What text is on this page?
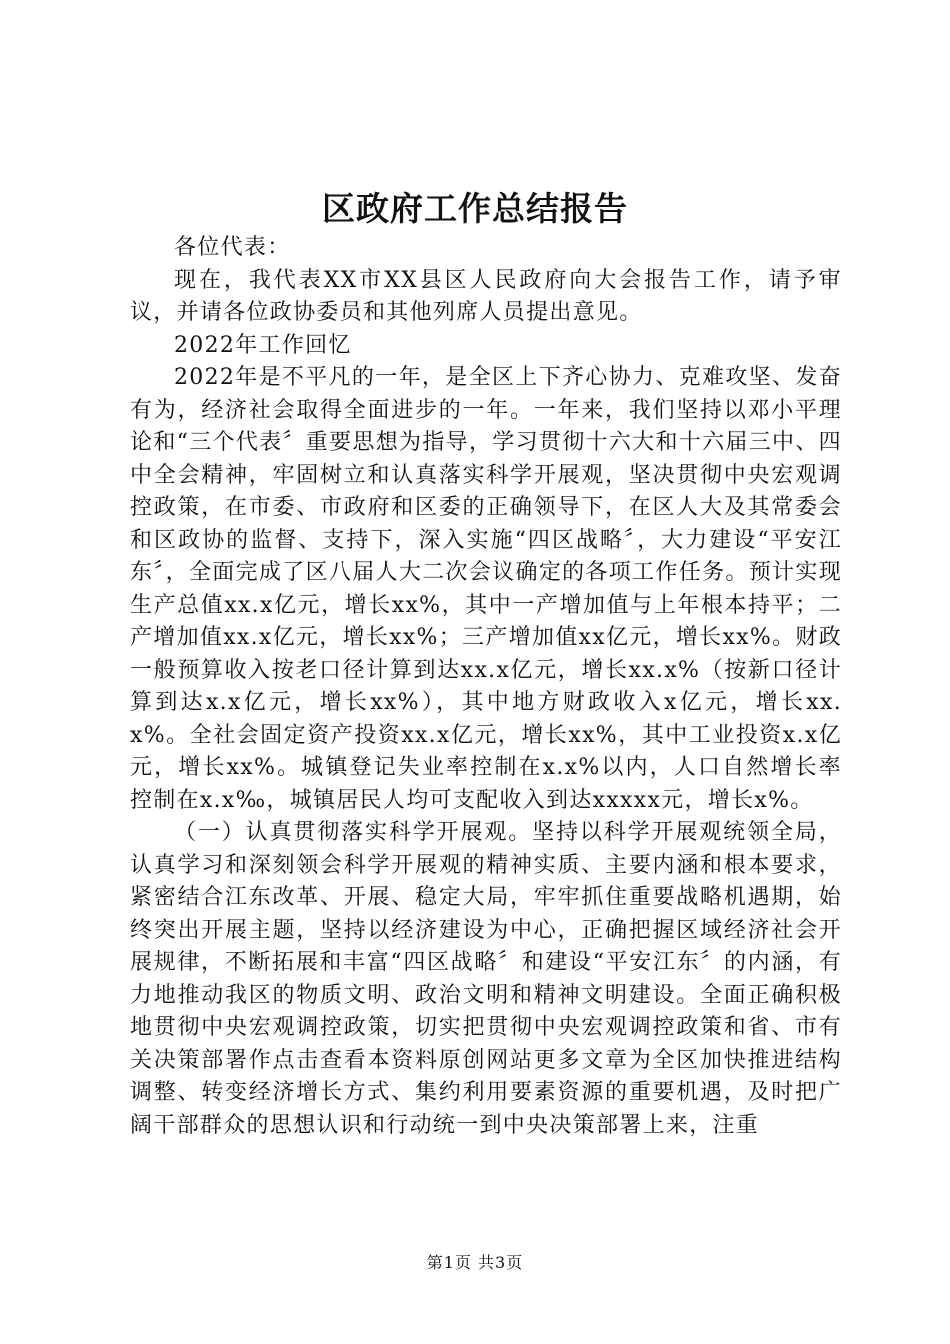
区政府工作总结报告

各位代表：

现在，我代表XX市XX县区人民政府向大会报告工作，请予审议，并请各位政协委员和其他列席人员提出意见。

2022年工作回忆

2022年是不平凡的一年，是全区上下齐心协力、克难攻坚、发奋有为，经济社会取得全面进步的一年。一年来，我们坚持以邓小平理论和“三个代表〞重要思想为指导，学习贯彻十六大和十六届三中、四中全会精神，牢固树立和认真落实科学开展观，坚决贯彻中央宏观调控政策，在市委、市政府和区委的正确领导下，在区人大及其常委会和区政协的监督、支持下，深入实施“四区战略〞，大力建设“平安江东〞，全面完成了区八届人大二次会议确定的各项工作任务。预计实现生产总值xx.x亿元，增长xx%，其中一产增加值与上年根本持平；二产增加值xx.x亿元，增长xx%；三产增加值xx亿元，增长xx%。财政一般预算收入按老口径计算到达xx.x亿元，增长xx.x%（按新口径计算到达x.x亿元，增长xx%），其中地方财政收入x亿元，增长xx.x%。全社会固定资产投资xx.x亿元，增长xx%，其中工业投资x.x亿元，增长xx%。城镇登记失业率控制在x.x%以内，人口自然增长率控制在x.x‰，城镇居民人均可支配收入到达xxxxx元，增长x%。

（一）认真贯彻落实科学开展观。坚持以科学开展观统领全局，认真学习和深刻领会科学开展观的精神实质、主要内涵和根本要求，紧密结合江东改革、开展、稳定大局，牢牢抓住重要战略机遇期，始终突出开展主题，坚持以经济建设为中心，正确把握区域经济社会开展规律，不断拓展和丰富“四区战略〞和建设“平安江东〞的内涵，有力地推动我区的物质文明、政治文明和精神文明建设。全面正确积极地贯彻中央宏观调控政策，切实把贯彻中央宏观调控政策和省、市有关决策部署作点击查看本资料原创网站更多文章为全区加快推进结构调整、转变经济增长方式、集约利用要素资源的重要机遇，及时把广阔干部群众的思想认识和行动统一到中央决策部署上来，注重

第1页 共3页
